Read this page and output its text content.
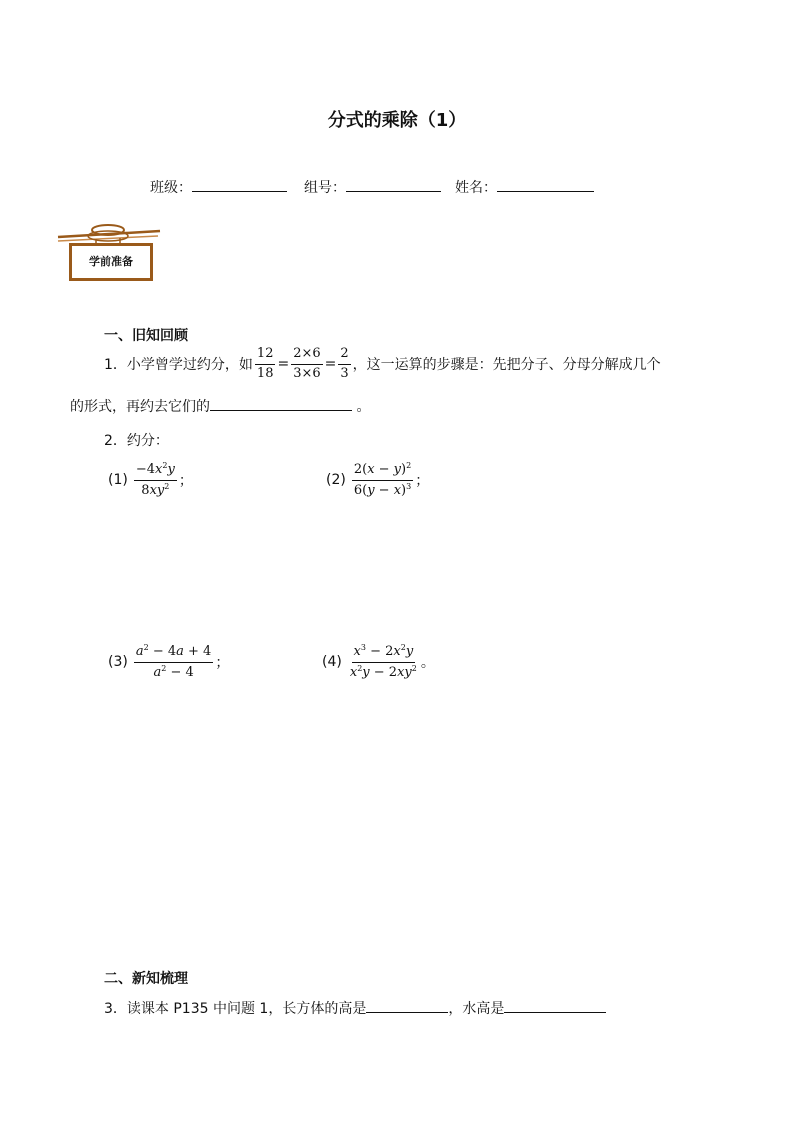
分式的乘除（1）
班级：	组号：	姓名：
学前准备
一、旧知回顾
1．小学曾学过约分，如 $\frac{12}{18} = \frac{2\times 6}{3\times 6} = \frac{2}{3}$ ，这一运算的步骤是：先把分子、分母分解成几个
的形式，再约去它们的	。
2．约分：
$(1) \frac{-4x^2y}{8xy^2}$ ；	$(2) \frac{2(x - y)^2}{6(y - x)^3}$ ；
$(3) \frac{a^2 - 4a + 4}{a^2 - 4}$ ；	$(4) \frac{x^3 - 2x^2y}{x^2y - 2xy^2}$ 。
二、新知梳理
3．读课本 P135 中问题 1，长方体的高是	，水高是
